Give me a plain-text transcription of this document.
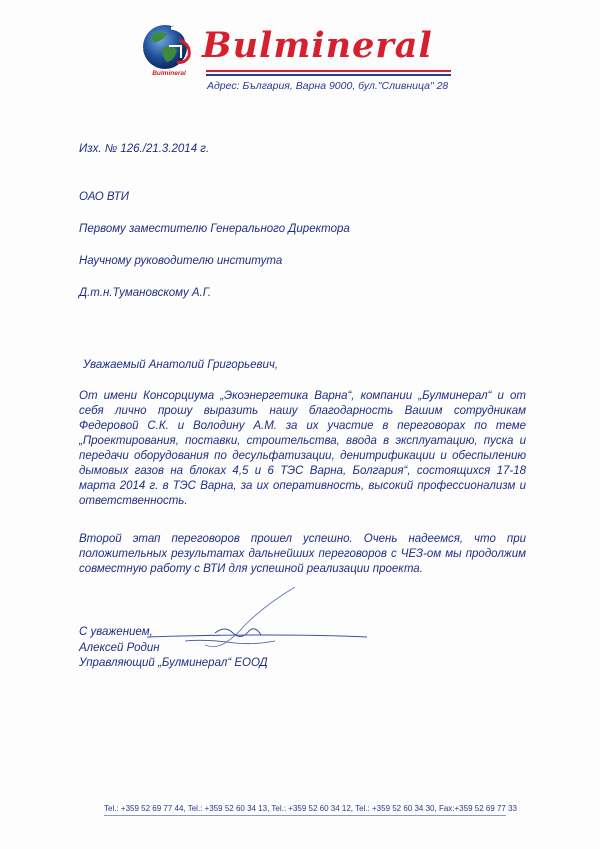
Bulmineral
Bulmineral
Адрес: България, Варна 9000, бул."Сливница" 28
Изх. № 126./21.3.2014 г.
ОАО ВТИ
Первому заместителю Генерального Директора
Научному руководителю института
Д.т.н.Тумановскому А.Г.
Уважаемый Анатолий Григорьевич,
От имени Консорциума „Экоэнергетика Варна“, компании „Булминерал“ и от себя лично прошу выразить нашу благодарность Вашим сотрудникам Федеровой С.К. и Володину А.М. за их участие в переговорах по теме „Проектирования, поставки, строительства, ввода в эксплуатацию, пуска и передачи оборудования по десульфатизации, денитрификации и обеспылению дымовых газов на блоках 4,5 и 6 ТЭС Варна, Болгария“, состоящихся 17-18 марта 2014 г. в ТЭС Варна, за их оперативность, высокий профессионализм и ответственность.
Второй этап переговоров прошел успешно. Очень надеемся, что при положительных результатах дальнейших переговоров с ЧЕЗ-ом мы продолжим совместную работу с ВТИ для успешной реализации проекта.
С уважением,
Алексей Родин
Управляющий „Булминерал“ ЕООД
Tel.: +359 52 69 77 44, Tel.: +359 52 60 34 13, Tel.: +359 52 60 34 12, Tel.: +359 52 60 34 30, Fax:+359 52 69 77 33
